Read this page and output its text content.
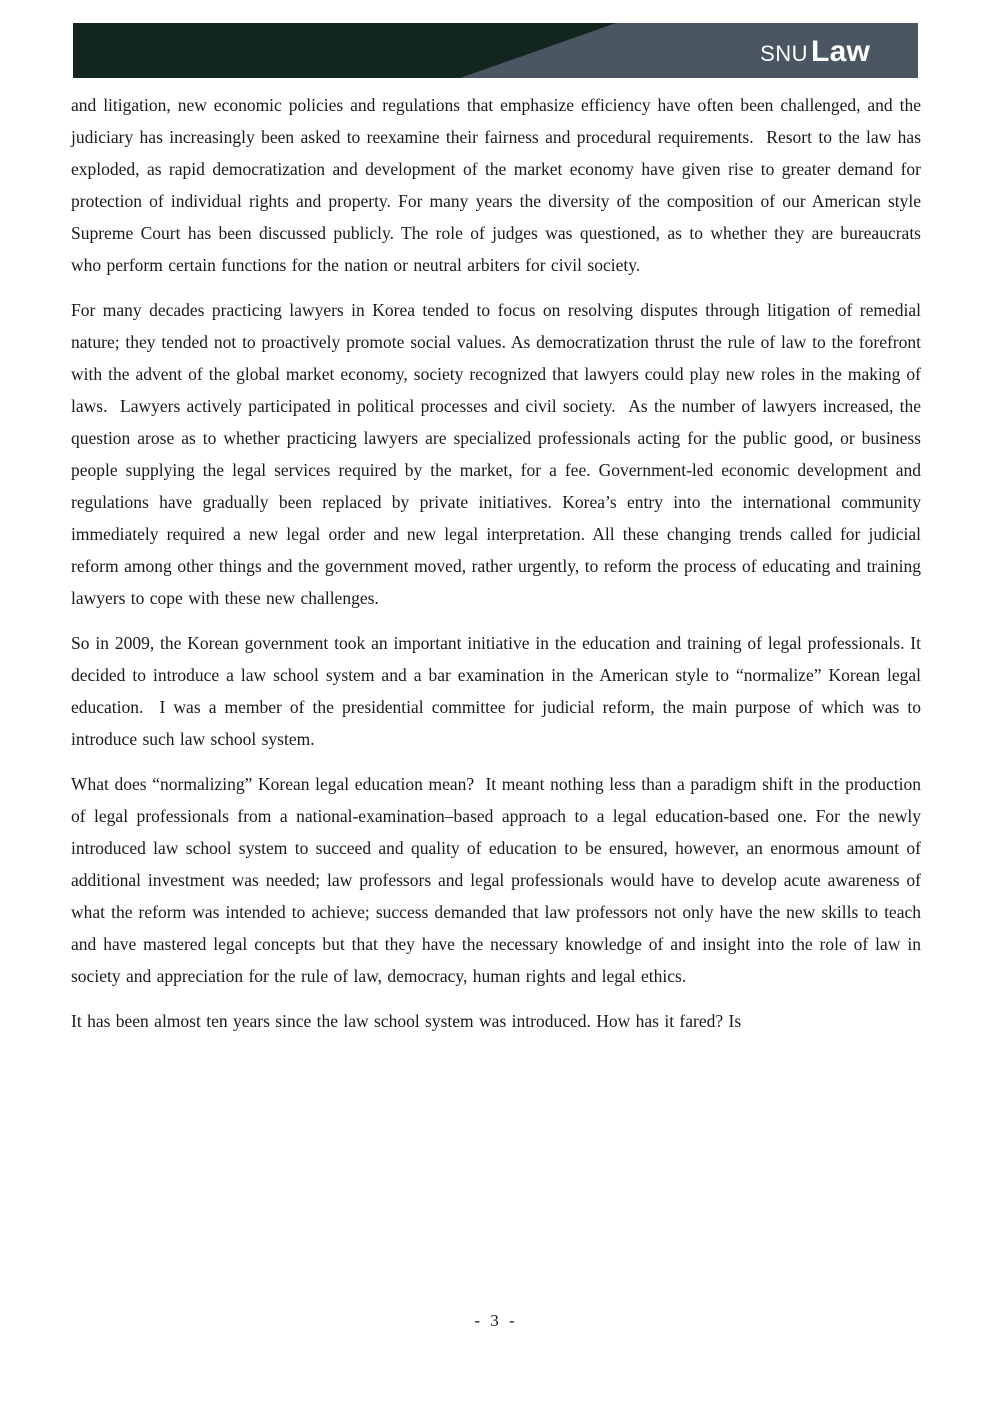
SNU Law

and litigation, new economic policies and regulations that emphasize efficiency have often been challenged, and the judiciary has increasingly been asked to reexamine their fairness and procedural requirements.  Resort to the law has exploded, as rapid democratization and development of the market economy have given rise to greater demand for protection of individual rights and property. For many years the diversity of the composition of our American style Supreme Court has been discussed publicly. The role of judges was questioned, as to whether they are bureaucrats who perform certain functions for the nation or neutral arbiters for civil society.

For many decades practicing lawyers in Korea tended to focus on resolving disputes through litigation of remedial nature; they tended not to proactively promote social values. As democratization thrust the rule of law to the forefront with the advent of the global market economy, society recognized that lawyers could play new roles in the making of laws.  Lawyers actively participated in political processes and civil society.  As the number of lawyers increased, the question arose as to whether practicing lawyers are specialized professionals acting for the public good, or business people supplying the legal services required by the market, for a fee. Government-led economic development and regulations have gradually been replaced by private initiatives. Korea’s entry into the international community immediately required a new legal order and new legal interpretation. All these changing trends called for judicial reform among other things and the government moved, rather urgently, to reform the process of educating and training lawyers to cope with these new challenges.

So in 2009, the Korean government took an important initiative in the education and training of legal professionals. It decided to introduce a law school system and a bar examination in the American style to “normalize” Korean legal education.  I was a member of the presidential committee for judicial reform, the main purpose of which was to introduce such law school system.

What does “normalizing” Korean legal education mean?  It meant nothing less than a paradigm shift in the production of legal professionals from a national-examination–based approach to a legal education-based one. For the newly introduced law school system to succeed and quality of education to be ensured, however, an enormous amount of additional investment was needed; law professors and legal professionals would have to develop acute awareness of what the reform was intended to achieve; success demanded that law professors not only have the new skills to teach and have mastered legal concepts but that they have the necessary knowledge of and insight into the role of law in society and appreciation for the rule of law, democracy, human rights and legal ethics.

It has been almost ten years since the law school system was introduced. How has it fared? Is

- 3 -
